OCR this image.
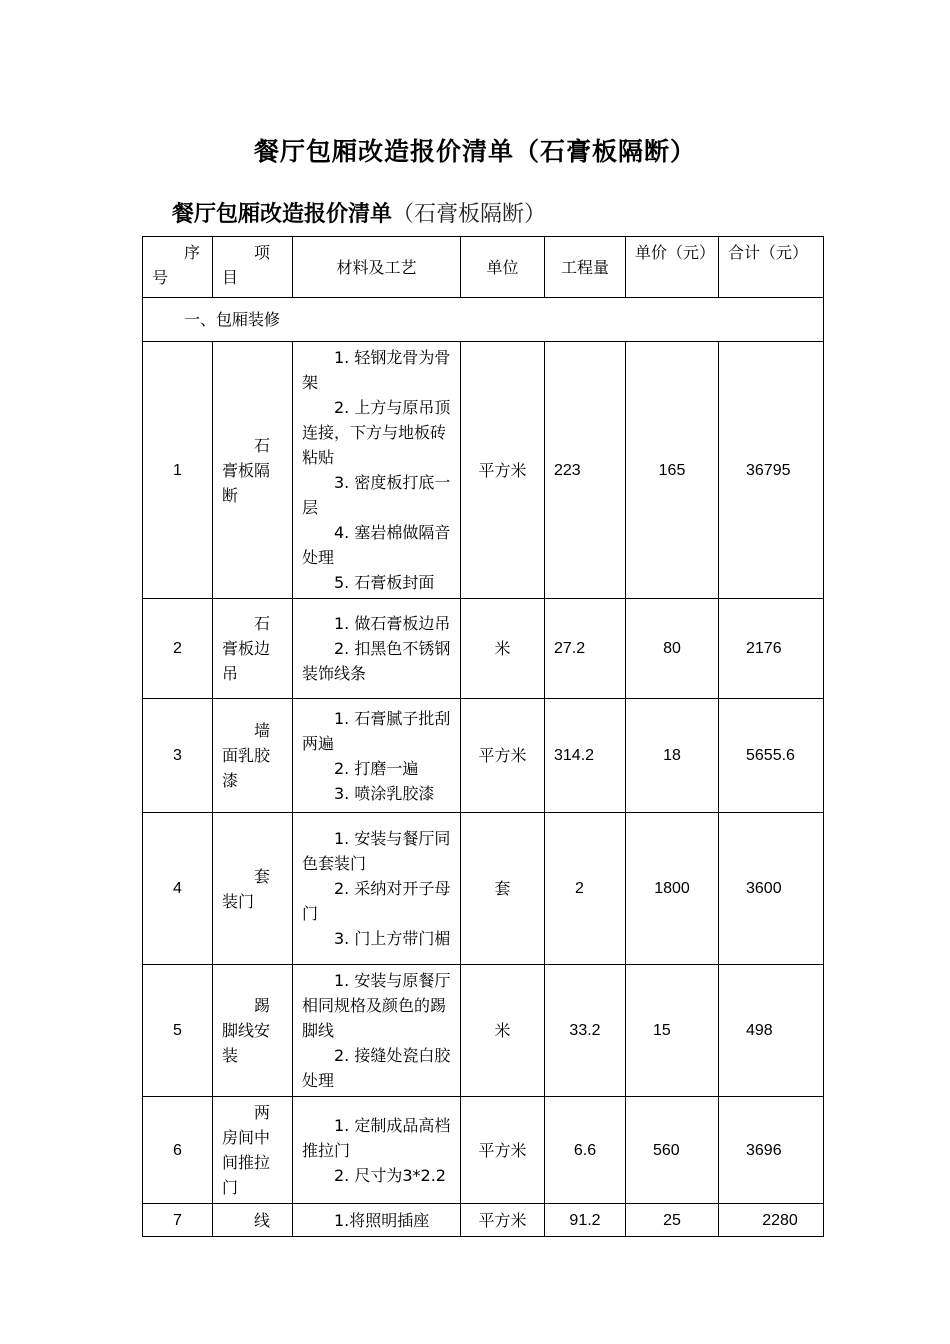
餐厅包厢改造报价清单（石膏板隔断）
餐厅包厢改造报价清单（石膏板隔断）
序号	项目	材料及工艺	单位	工程量	单价（元）	合计（元）
一、包厢装修						
1	石膏板隔断	1. 轻钢龙骨为骨架
2. 上方与原吊顶连接，下方与地板砖粘贴
3. 密度板打底一层
4. 塞岩棉做隔音处理
5. 石膏板封面	平方米	223	165	36795
2	石膏板边吊	1. 做石膏板边吊
2. 扣黑色不锈钢装饰线条	米	27.2	80	2176
3	墙面乳胶漆	1. 石膏腻子批刮两遍
2. 打磨一遍
3. 喷涂乳胶漆	平方米	314.2	18	5655.6
4	套装门	1. 安装与餐厅同色套装门
2. 采纳对开子母门
3. 门上方带门楣	套	2	1800	3600
5	踢脚线安装	1. 安装与原餐厅相同规格及颜色的踢脚线
2. 接缝处瓷白胶处理	米	33.2	15	498
6	两房间中间推拉门	1. 定制成品高档推拉门
2. 尺寸为3*2.2	平方米	6.6	560	3696
7	线	1.将照明插座	平方米	91.2	25	2280
